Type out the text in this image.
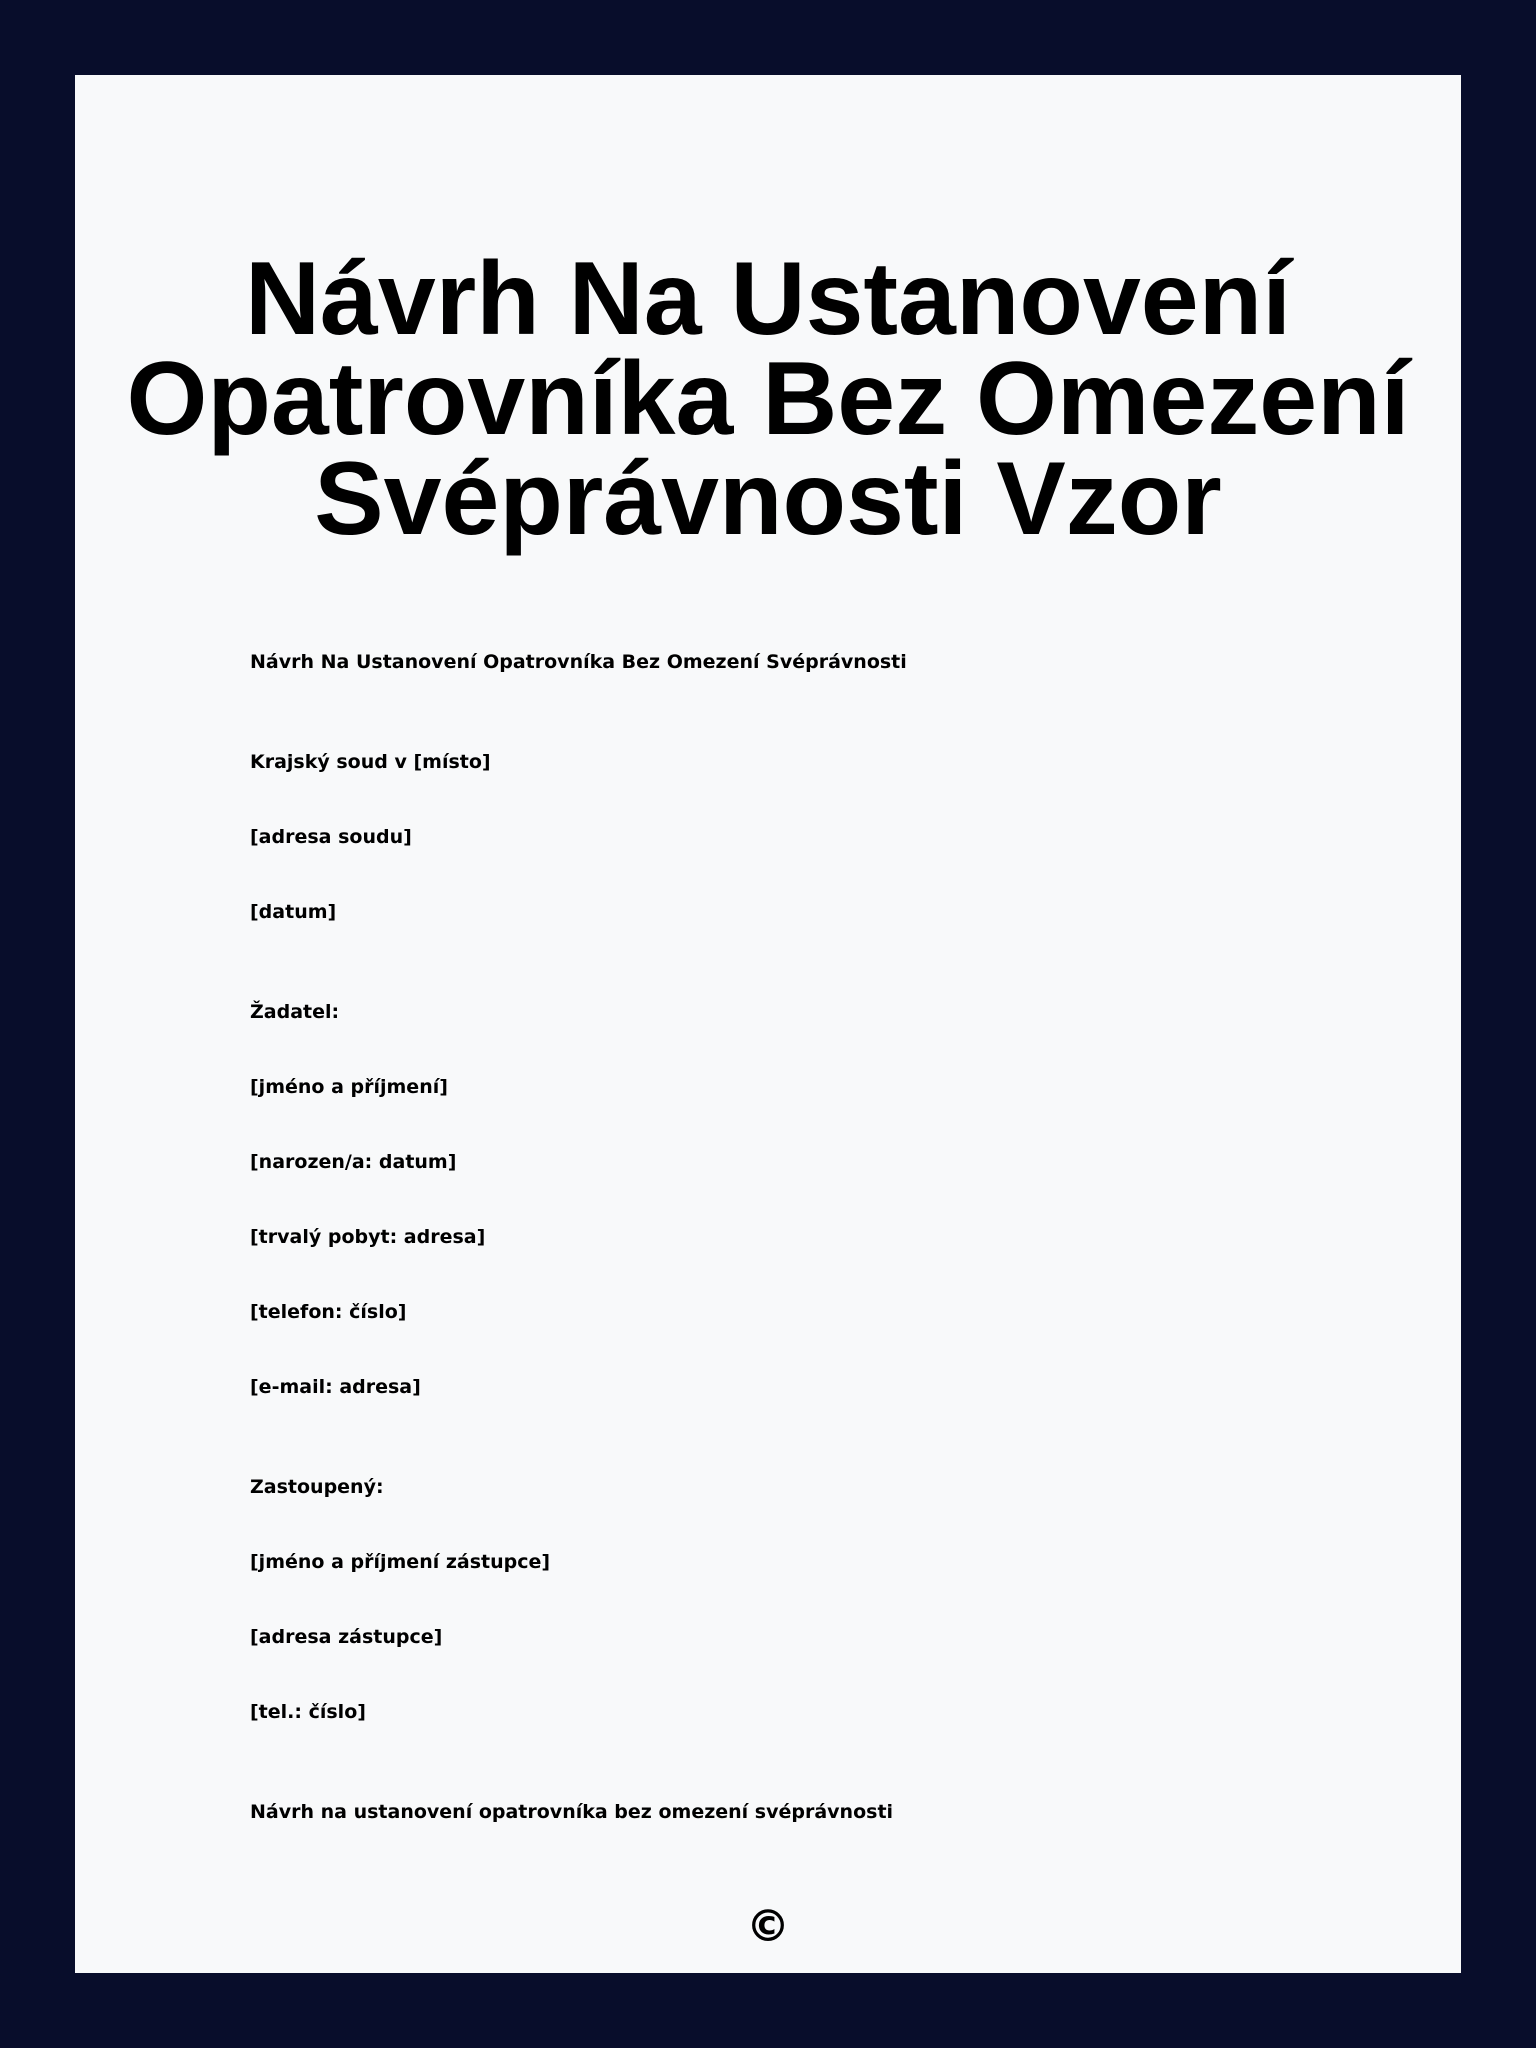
Návrh Na Ustanovení Opatrovníka Bez Omezení Svéprávnosti Vzor

Návrh Na Ustanovení Opatrovníka Bez Omezení Svéprávnosti

Krajský soud v [místo]

[adresa soudu]

[datum]

Žadatel:

[jméno a příjmení]

[narozen/a: datum]

[trvalý pobyt: adresa]

[telefon: číslo]

[e-mail: adresa]

Zastoupený:

[jméno a příjmení zástupce]

[adresa zástupce]

[tel.: číslo]

Návrh na ustanovení opatrovníka bez omezení svéprávnosti

©
